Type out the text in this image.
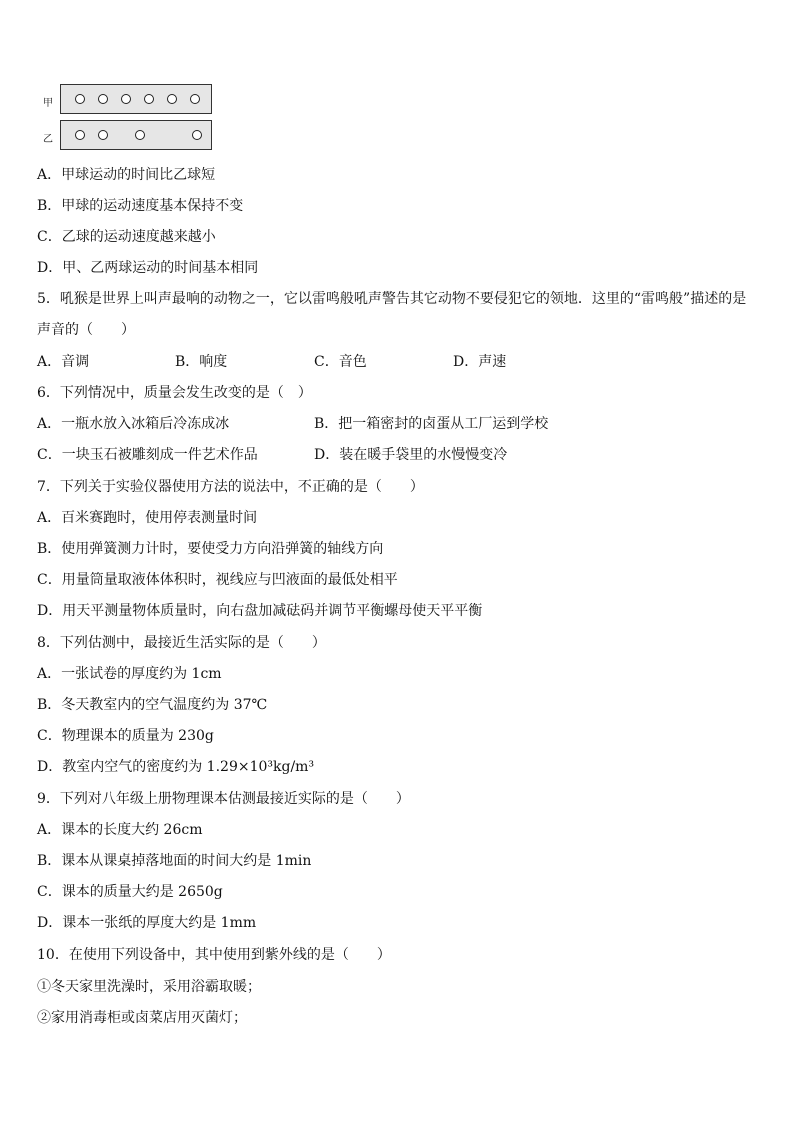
甲
乙
A．甲球运动的时间比乙球短
B．甲球的运动速度基本保持不变
C．乙球的运动速度越来越小
D．甲、乙两球运动的时间基本相同
5．吼猴是世界上叫声最响的动物之一，它以雷鸣般吼声警告其它动物不要侵犯它的领地．这里的“雷鸣般”描述的是
声音的（　　）
A．音调	B．响度	C．音色	D．声速
6．下列情况中，质量会发生改变的是（　）
A．一瓶水放入冰箱后冷冻成冰	B．把一箱密封的卤蛋从工厂运到学校
C．一块玉石被雕刻成一件艺术作品	D．装在暖手袋里的水慢慢变冷
7．下列关于实验仪器使用方法的说法中，不正确的是（　　）
A．百米赛跑时，使用停表测量时间
B．使用弹簧测力计时，要使受力方向沿弹簧的轴线方向
C．用量筒量取液体体积时，视线应与凹液面的最低处相平
D．用天平测量物体质量时，向右盘加减砝码并调节平衡螺母使天平平衡
8．下列估测中，最接近生活实际的是（　　）
A．一张试卷的厚度约为 1cm
B．冬天教室内的空气温度约为 37℃
C．物理课本的质量为 230g
D．教室内空气的密度约为 1.29×10³kg/m³
9．下列对八年级上册物理课本估测最接近实际的是（　　）
A．课本的长度大约 26cm
B．课本从课桌掉落地面的时间大约是 1min
C．课本的质量大约是 2650g
D．课本一张纸的厚度大约是 1mm
10．在使用下列设备中，其中使用到紫外线的是（　　）
①冬天家里洗澡时，采用浴霸取暖；
②家用消毒柜或卤菜店用灭菌灯；
